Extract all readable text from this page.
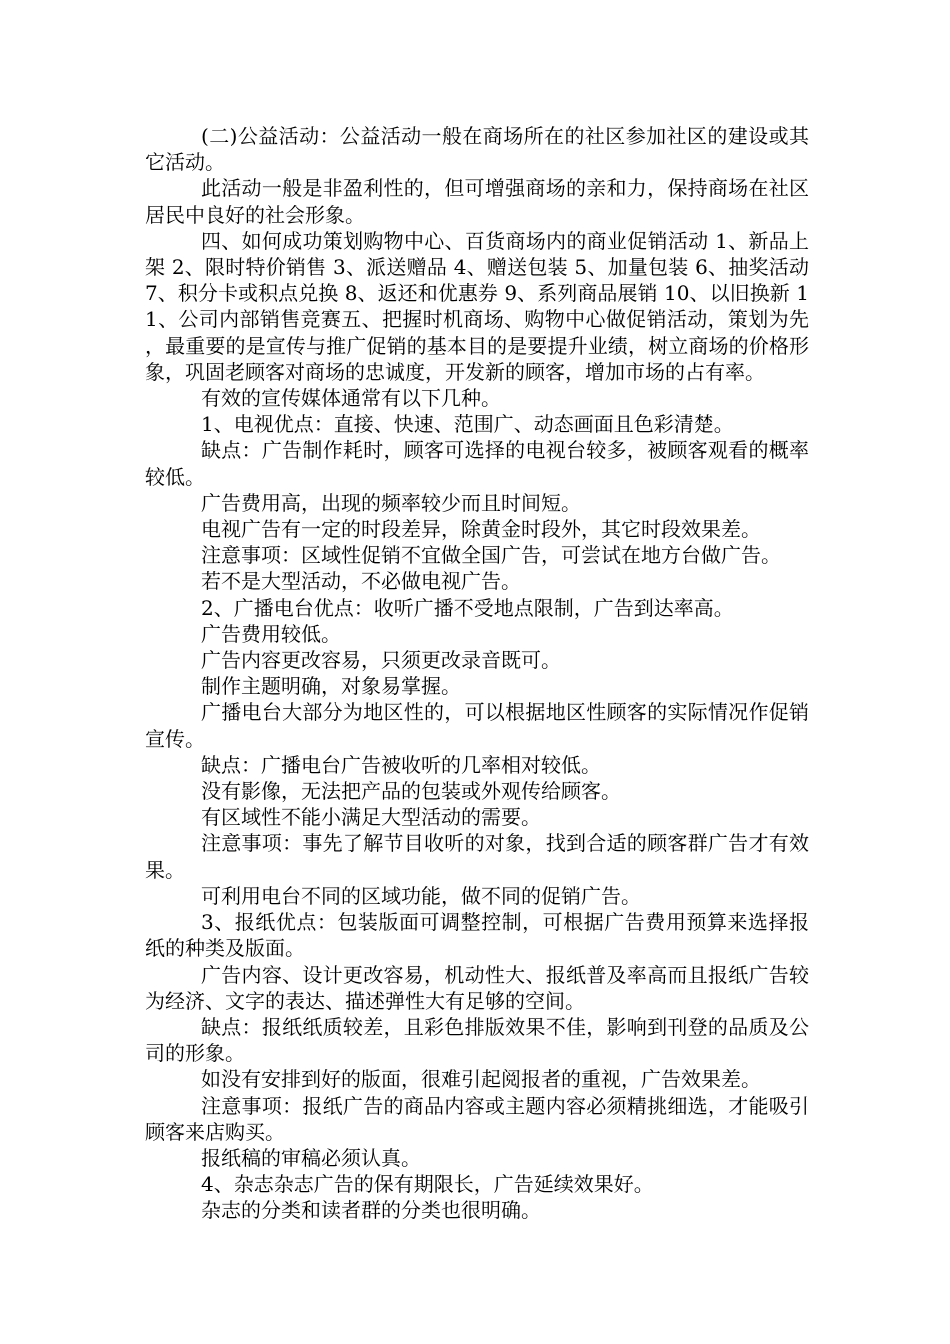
(二)公益活动：公益活动一般在商场所在的社区参加社区的建设或其它活动。

此活动一般是非盈利性的，但可增强商场的亲和力，保持商场在社区居民中良好的社会形象。

四、如何成功策划购物中心、百货商场内的商业促销活动 1、新品上架 2、限时特价销售 3、派送赠品 4、赠送包装 5、加量包装 6、抽奖活动 7、积分卡或积点兑换 8、返还和优惠券 9、系列商品展销 10、以旧换新 11、公司内部销售竞赛五、把握时机商场、购物中心做促销活动，策划为先，最重要的是宣传与推广促销的基本目的是要提升业绩，树立商场的价格形象，巩固老顾客对商场的忠诚度，开发新的顾客，增加市场的占有率。

有效的宣传媒体通常有以下几种。

1、电视优点：直接、快速、范围广、动态画面且色彩清楚。

缺点：广告制作耗时，顾客可选择的电视台较多，被顾客观看的概率较低。

广告费用高，出现的频率较少而且时间短。

电视广告有一定的时段差异，除黄金时段外，其它时段效果差。

注意事项：区域性促销不宜做全国广告，可尝试在地方台做广告。

若不是大型活动，不必做电视广告。

2、广播电台优点：收听广播不受地点限制，广告到达率高。

广告费用较低。

广告内容更改容易，只须更改录音既可。

制作主题明确，对象易掌握。

广播电台大部分为地区性的，可以根据地区性顾客的实际情况作促销宣传。

缺点：广播电台广告被收听的几率相对较低。

没有影像，无法把产品的包装或外观传给顾客。

有区域性不能小满足大型活动的需要。

注意事项：事先了解节目收听的对象，找到合适的顾客群广告才有效果。

可利用电台不同的区域功能，做不同的促销广告。

3、报纸优点：包装版面可调整控制，可根据广告费用预算来选择报纸的种类及版面。

广告内容、设计更改容易，机动性大、报纸普及率高而且报纸广告较为经济、文字的表达、描述弹性大有足够的空间。

缺点：报纸纸质较差，且彩色排版效果不佳，影响到刊登的品质及公司的形象。

如没有安排到好的版面，很难引起阅报者的重视，广告效果差。

注意事项：报纸广告的商品内容或主题内容必须精挑细选，才能吸引顾客来店购买。

报纸稿的审稿必须认真。

4、杂志杂志广告的保有期限长，广告延续效果好。

杂志的分类和读者群的分类也很明确。
